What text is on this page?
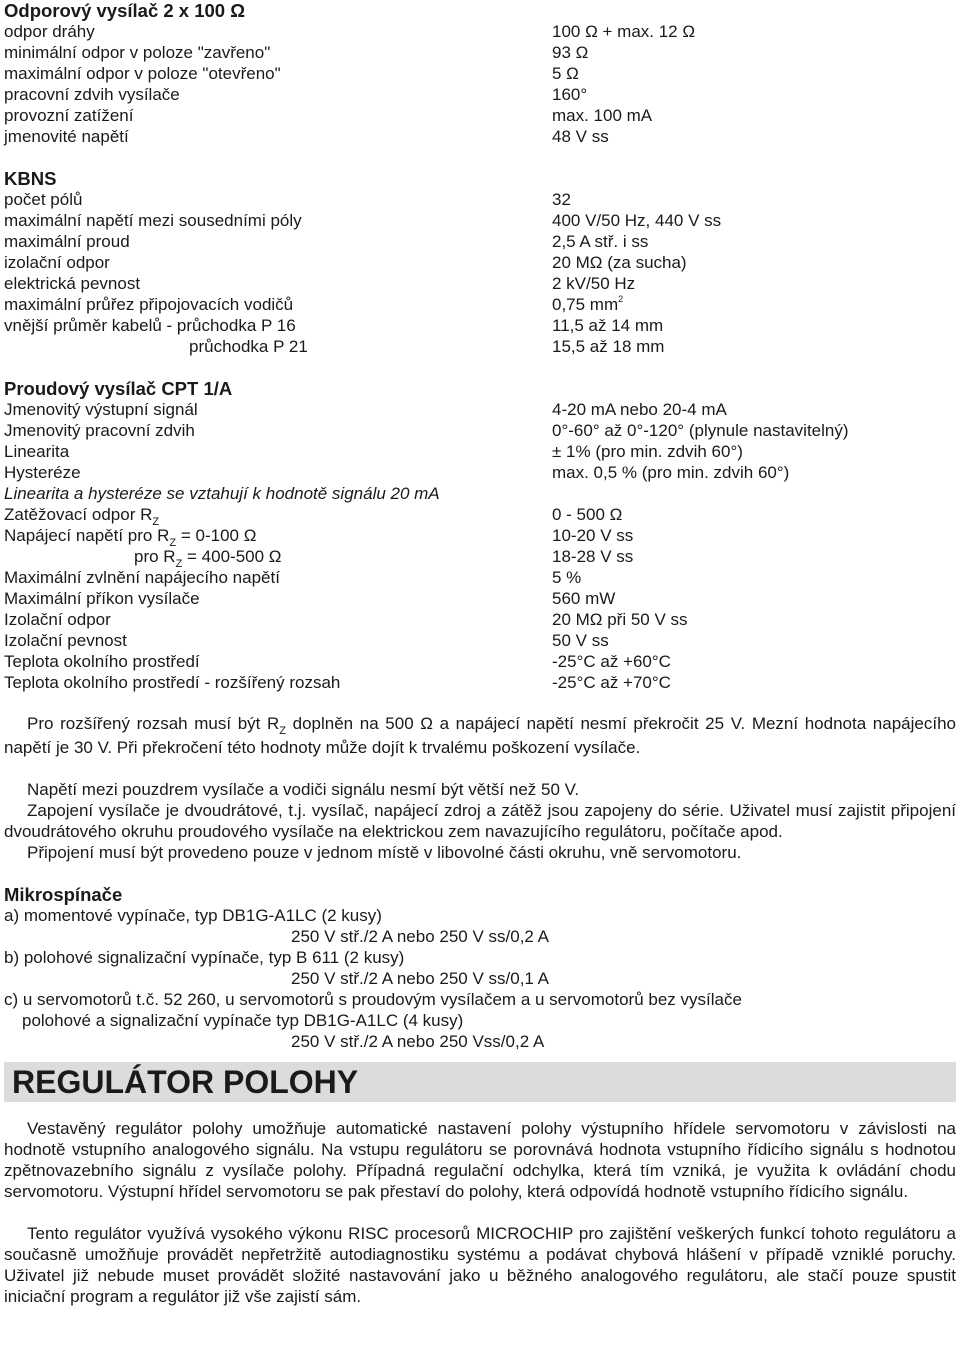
Odporový vysílač 2 x 100 Ω
odpor dráhy	100 Ω + max. 12 Ω
minimální odpor v poloze "zavřeno"	93 Ω
maximální odpor v poloze "otevřeno"	5 Ω
pracovní zdvih vysílače	160°
provozní zatížení	max. 100 mA
jmenovité napětí	48 V ss
KBNS
počet pólů	32
maximální napětí mezi sousedními póly	400 V/50 Hz, 440 V ss
maximální proud	2,5 A stř. i ss
izolační odpor	20 MΩ (za sucha)
elektrická pevnost	2 kV/50 Hz
maximální průřez připojovacích vodičů	0,75 $mm^2$
vnější průměr kabelů - průchodka P 16	11,5 až 14 mm
průchodka P 21	15,5 až 18 mm
Proudový vysílač CPT 1/A
Jmenovitý výstupní signál	4-20 mA nebo 20-4 mA
Jmenovitý pracovní zdvih	0°-60° až 0°-120° (plynule nastavitelný)
Linearita	± 1% (pro min. zdvih 60°)
Hysteréze	max. 0,5 % (pro min. zdvih 60°)
Linearita a hysteréze se vztahují k hodnotě signálu 20 mA
Zatěžovací odpor $R_Z$	0 - 500 Ω
Napájecí napětí pro $R_Z = 0-100$ Ω	10-20 V ss
pro $R_Z = 400-500$ Ω	18-28 V ss
Maximální zvlnění napájecího napětí	5 %
Maximální příkon vysílače	560 mW
Izolační odpor	20 MΩ při 50 V ss
Izolační pevnost	50 V ss
Teplota okolního prostředí	-25°C až +60°C
Teplota okolního prostředí - rozšířený rozsah	-25°C až +70°C
Pro rozšířený rozsah musí být $R_Z$ doplněn na 500 Ω a napájecí napětí nesmí překročit 25 V. Mezní hodnota napájecího napětí je 30 V. Při překročení této hodnoty může dojít k trvalému poškození vysílače.
Napětí mezi pouzdrem vysílače a vodiči signálu nesmí být větší než 50 V.
Zapojení vysílače je dvoudrátové, t.j. vysílač, napájecí zdroj a zátěž jsou zapojeny do série. Uživatel musí zajistit připojení dvoudrátového okruhu proudového vysílače na elektrickou zem navazujícího regulátoru, počítače apod.
Připojení musí být provedeno pouze v jednom místě v libovolné části okruhu, vně servomotoru.
Mikrospínače
a) momentové vypínače, typ DB1G-A1LC (2 kusy)
250 V stř./2 A nebo 250 V ss/0,2 A
b) polohové signalizační vypínače, typ B 611 (2 kusy)
250 V stř./2 A nebo 250 V ss/0,1 A
c) u servomotorů t.č. 52 260, u servomotorů s proudovým vysílačem a u servomotorů bez vysílače
polohové a signalizační vypínače typ DB1G-A1LC (4 kusy)
250 V stř./2 A nebo 250 Vss/0,2 A
REGULÁTOR POLOHY
Vestavěný regulátor polohy umožňuje automatické nastavení polohy výstupního hřídele servomotoru v závislosti na hodnotě vstupního analogového signálu. Na vstupu regulátoru se porovnává hodnota vstupního řídicího signálu s hodnotou zpětnovazebního signálu z vysílače polohy. Případná regulační odchylka, která tím vzniká, je využita k ovládání chodu servomotoru. Výstupní hřídel servomotoru se pak přestaví do polohy, která odpovídá hodnotě vstupního řídicího signálu.
Tento regulátor využívá vysokého výkonu RISC procesorů MICROCHIP pro zajištění veškerých funkcí tohoto regulátoru a současně umožňuje provádět nepřetržitě autodiagnostiku systému a podávat chybová hlášení v případě vzniklé poruchy. Uživatel již nebude muset provádět složité nastavování jako u běžného analogového regulátoru, ale stačí pouze spustit iniciační program a regulátor již vše zajistí sám.
